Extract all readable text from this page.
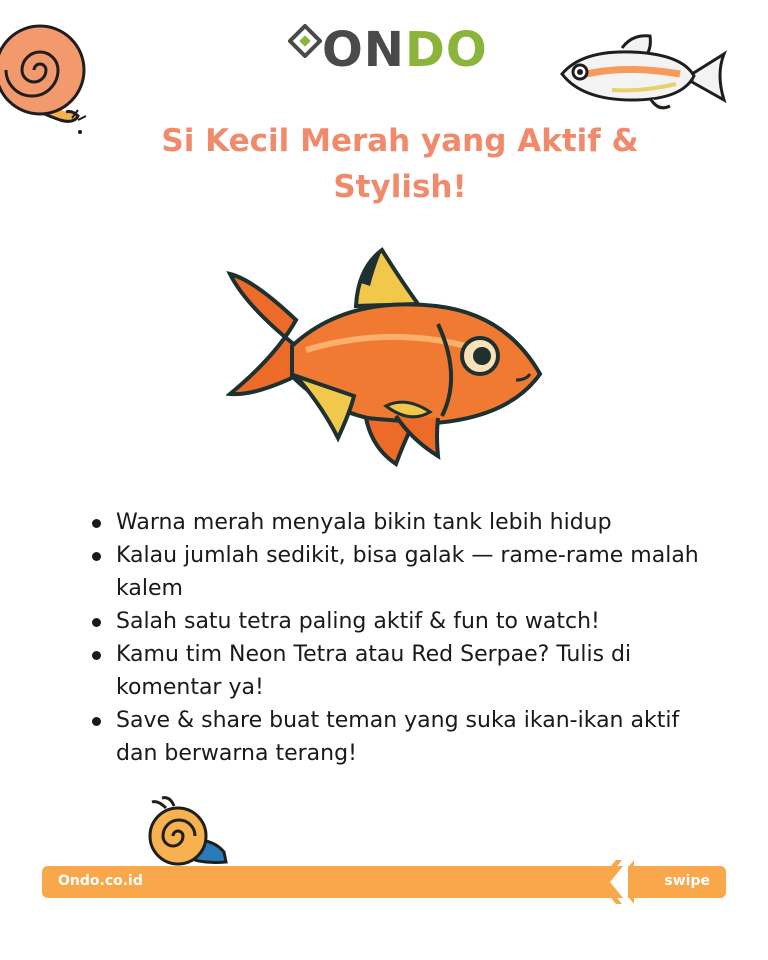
ONDO
Si Kecil Merah yang Aktif & Stylish!
Warna merah menyala bikin tank lebih hidup
Kalau jumlah sedikit, bisa galak — rame-rame malah kalem
Salah satu tetra paling aktif & fun to watch!
Kamu tim Neon Tetra atau Red Serpae? Tulis di komentar ya!
Save & share buat teman yang suka ikan-ikan aktif dan berwarna terang!
Ondo.co.id	swipe
